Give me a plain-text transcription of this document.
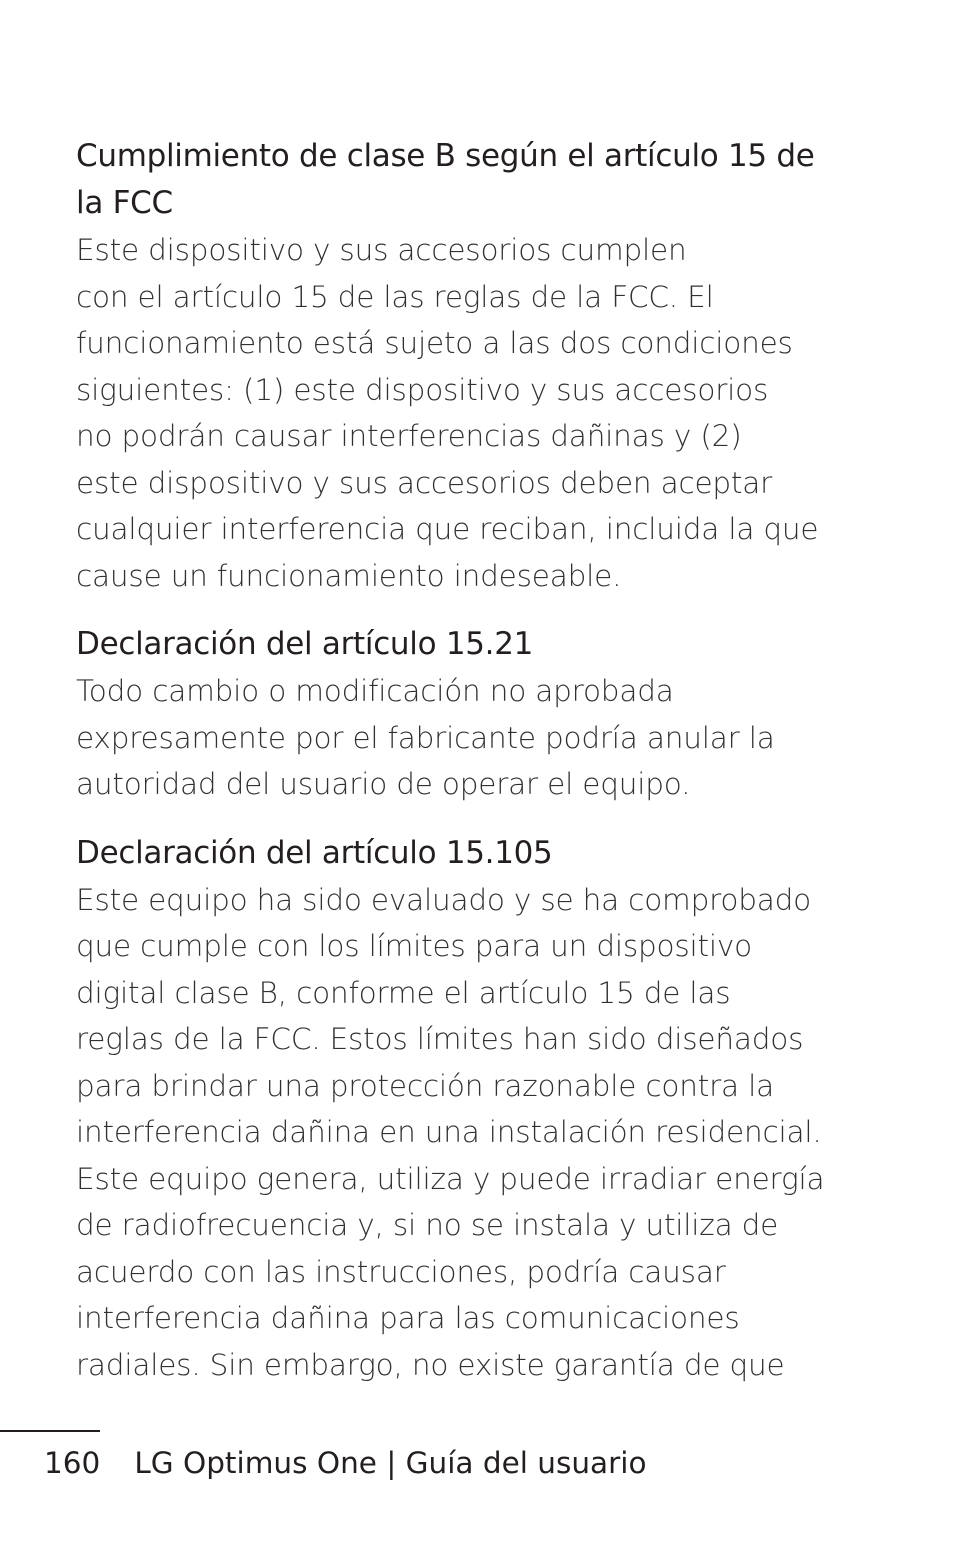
Cumplimiento de clase B según el artículo 15 de
la FCC

Este dispositivo y sus accesorios cumplen
con el artículo 15 de las reglas de la FCC. El
funcionamiento está sujeto a las dos condiciones
siguientes: (1) este dispositivo y sus accesorios
no podrán causar interferencias dañinas y (2)
este dispositivo y sus accesorios deben aceptar
cualquier interferencia que reciban, incluida la que
cause un funcionamiento indeseable.

Declaración del artículo 15.21

Todo cambio o modificación no aprobada
expresamente por el fabricante podría anular la
autoridad del usuario de operar el equipo.

Declaración del artículo 15.105

Este equipo ha sido evaluado y se ha comprobado
que cumple con los límites para un dispositivo
digital clase B, conforme el artículo 15 de las
reglas de la FCC. Estos límites han sido diseñados
para brindar una protección razonable contra la
interferencia dañina en una instalación residencial.
Este equipo genera, utiliza y puede irradiar energía
de radiofrecuencia y, si no se instala y utiliza de
acuerdo con las instrucciones, podría causar
interferencia dañina para las comunicaciones
radiales. Sin embargo, no existe garantía de que

160 LG Optimus One | Guía del usuario
